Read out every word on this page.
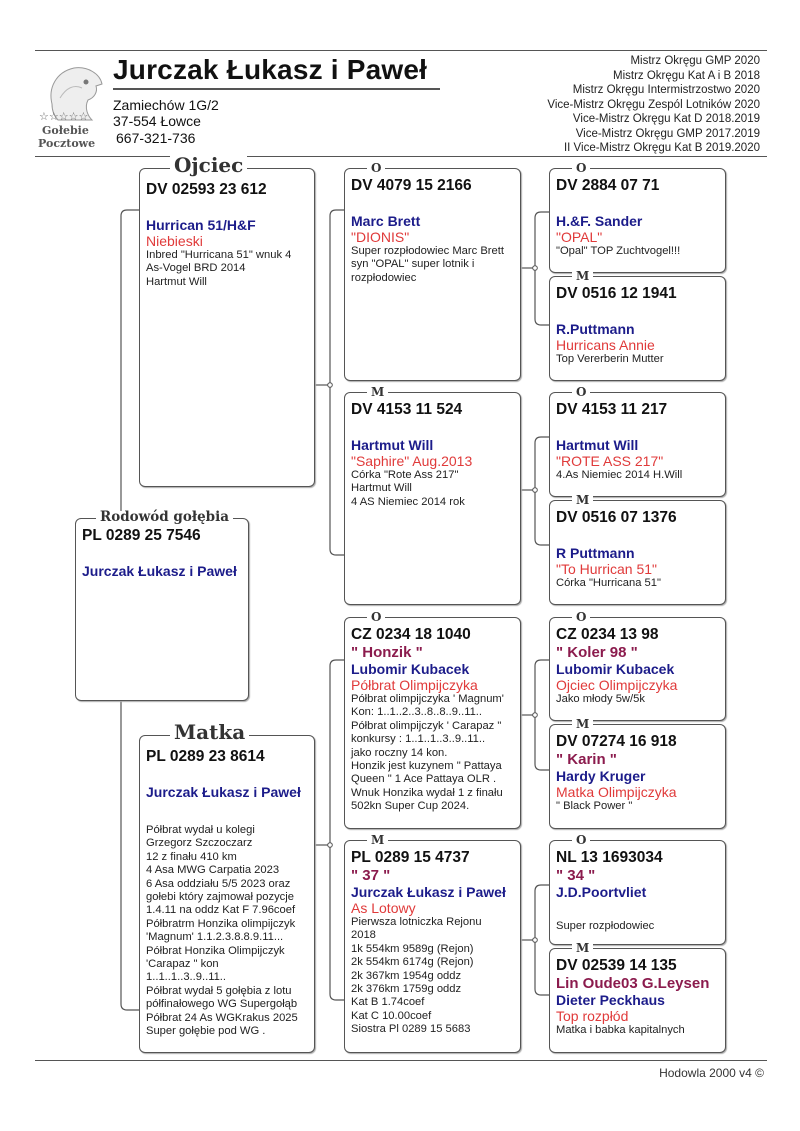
☆☆☆☆☆
Gołebie
Pocztowe
Jurczak Łukasz i Paweł
Zamiechów 1G/2
37-554 Łowce
667-321-736
Mistrz Okręgu GMP 2020
Mistrz Okręgu Kat A i B 2018
Mistrz Okręgu Intermistrzostwo 2020
Vice-Mistrz Okręgu Zespól Lotników 2020
Vice-Mistrz Okręgu Kat D 2018.2019
Vice-Mistrz Okręgu GMP 2017.2019
II Vice-Mistrz Okręgu Kat B 2019.2020
Rodowód gołębia
PL 0289 25 7546
Jurczak Łukasz i Paweł
Ojciec
DV 02593 23 612
Hurrican 51/H&F
Niebieski
Inbred "Hurricana 51" wnuk 4
As-Vogel BRD 2014
Hartmut Will
Matka
PL 0289 23 8614
Jurczak Łukasz i Paweł
Półbrat wydał u kolegi
Grzegorz Szczoczarz
12 z finału 410 km
4 Asa MWG Carpatia 2023
6 Asa oddziału 5/5 2023 oraz
gołebi który zajmował pozycje
1.4.11 na oddz Kat F 7.96coef
Półbratrm Honzika olimpijczyk
'Magnum' 1.1.2.3.8.8.9.11...
Półbrat Honzika Olimpijczyk
'Carapaz " kon
1..1..1..3..9..11..
Półbrat wydał 5 gołębia z lotu
półfinałowego WG Supergołąb
Półbrat 24 As WGKrakus 2025
Super gołębie pod WG .
O
DV 4079 15 2166
Marc Brett
"DIONIS"
Super rozpłodowiec Marc Brett
syn "OPAL" super lotnik i
rozpłodowiec
M
DV 4153 11 524
Hartmut Will
"Saphire" Aug.2013
Córka "Rote Ass 217"
Hartmut Will
4 AS Niemiec 2014 rok
O
CZ 0234 18 1040
" Honzik "
Lubomir Kubacek
Półbrat Olimpijczyka
Półbrat olimpijczyka ' Magnum'
Kon: 1..1..2..3..8..8..9..11..
Półbrat olimpijczyk ' Carapaz "
konkursy : 1..1..1..3..9..11..
jako roczny 14 kon.
Honzik jest kuzynem " Pattaya
Queen " 1 Ace Pattaya OLR .
Wnuk Honzika wydał 1 z finału
502kn Super Cup 2024.
M
PL 0289 15 4737
" 37 "
Jurczak Łukasz i Paweł
As Lotowy
Pierwsza lotniczka Rejonu
2018
1k 554km 9589g (Rejon)
2k 554km 6174g (Rejon)
2k 367km 1954g oddz
2k 376km 1759g oddz
Kat B 1.74coef
Kat C 10.00coef
Siostra Pl 0289 15 5683
O
DV 2884 07 71
H.&F. Sander
"OPAL"
"Opal" TOP Zuchtvogel!!!
M
DV 0516 12 1941
R.Puttmann
Hurricans Annie
Top Vererberin Mutter
O
DV 4153 11 217
Hartmut Will
"ROTE ASS 217"
4.As Niemiec 2014 H.Will
M
DV 0516 07 1376
R Puttmann
"To Hurrican 51"
Córka "Hurricana 51"
O
CZ 0234 13 98
" Koler 98 "
Lubomir Kubacek
Ojciec Olimpijczyka
Jako młody 5w/5k
M
DV 07274 16 918
" Karin "
Hardy Kruger
Matka Olimpijczyka
" Black Power "
O
NL 13 1693034
" 34 "
J.D.Poortvliet
Super rozpłodowiec
M
DV 02539 14 135
Lin Oude03 G.Leysen
Dieter Peckhaus
Top rozpłód
Matka i babka kapitalnych
Hodowla 2000 v4 ©
